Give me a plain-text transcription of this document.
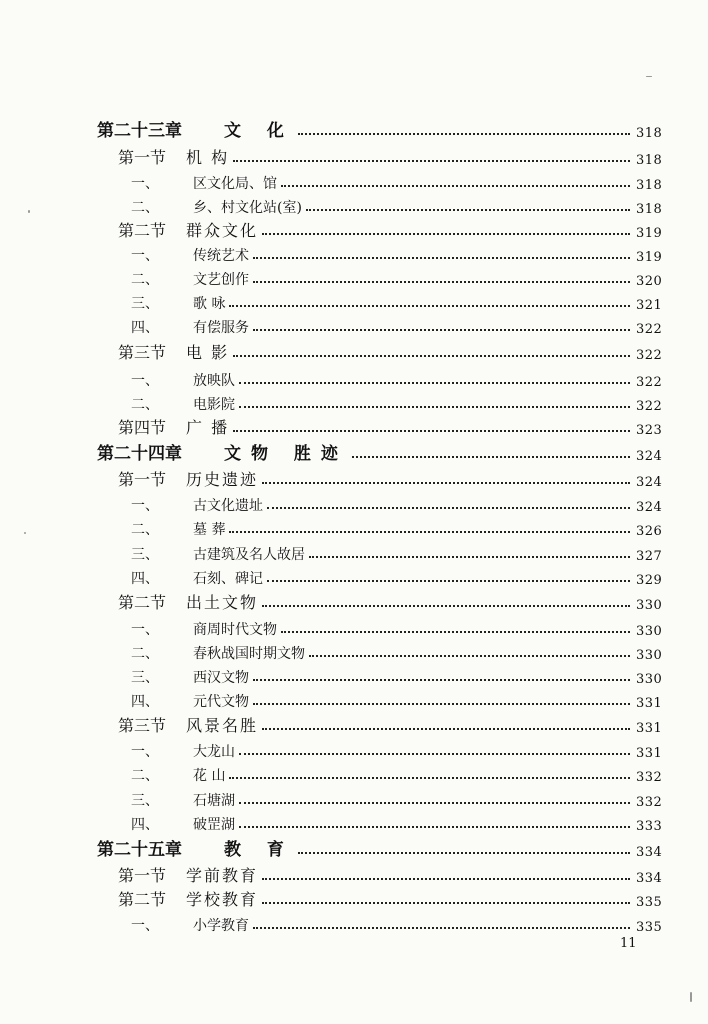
第二十三章 文 化	318
第一节 机 构	318
一、 区文化局、馆	318
二、 乡、村文化站(室)	318
第二节 群众文化	319
一、 传统艺术	319
二、 文艺创作	320
三、 歌 咏	321
四、 有偿服务	322
第三节 电 影	322
一、 放映队	322
二、 电影院	322
第四节 广 播	323
第二十四章 文物 胜迹	324
第一节 历史遗迹	324
一、 古文化遗址	324
二、 墓 葬	326
三、 古建筑及名人故居	327
四、 石刻、碑记	329
第二节 出土文物	330
一、 商周时代文物	330
二、 春秋战国时期文物	330
三、 西汉文物	330
四、 元代文物	331
第三节 风景名胜	331
一、 大龙山	331
二、 花 山	332
三、 石塘湖	332
四、 破罡湖	333
第二十五章 教 育	334
第一节 学前教育	334
第二节 学校教育	335
一、 小学教育	335
11
